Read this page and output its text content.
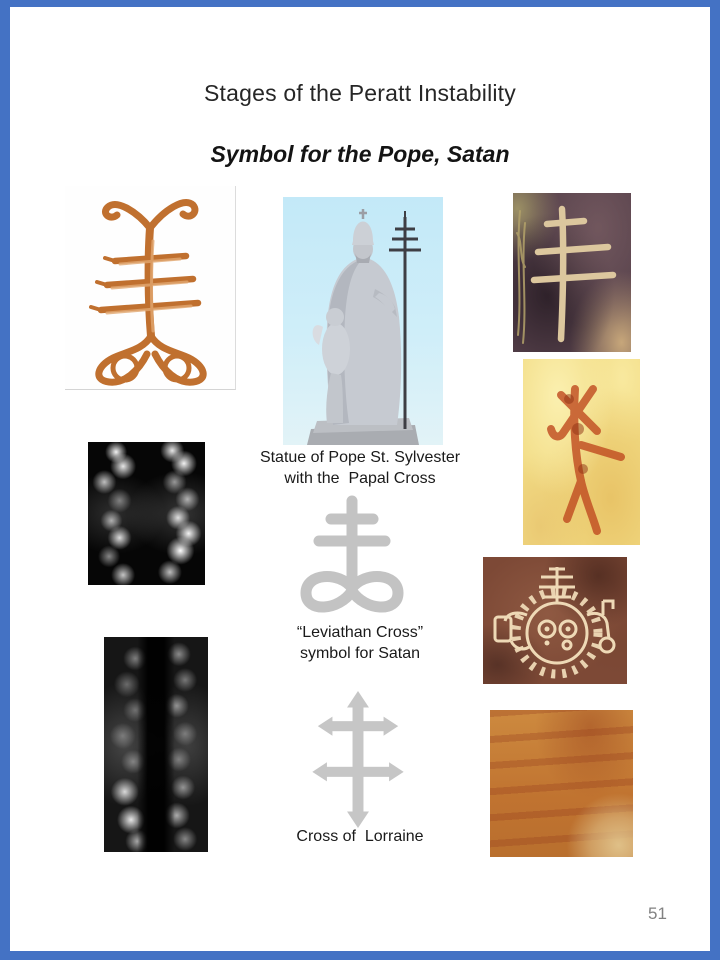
Stages of the Peratt Instability
Symbol for the Pope, Satan
Statue of Pope St. Sylvester
with the  Papal Cross
“Leviathan Cross”
symbol for Satan
Cross of  Lorraine
51
